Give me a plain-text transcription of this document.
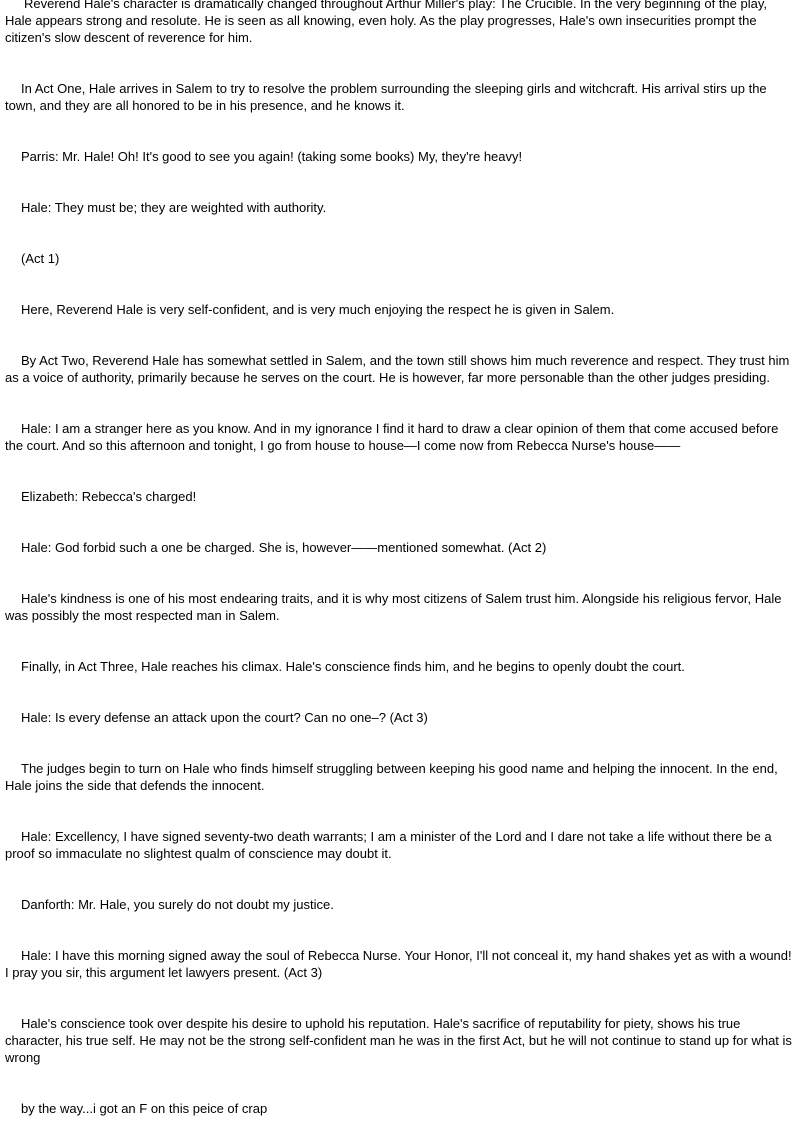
Reverend Hale's character is dramatically changed throughout Arthur Miller's play: The Crucible. In the very beginning of the play, Hale appears strong and resolute. He is seen as all knowing, even holy. As the play progresses, Hale's own insecurities prompt the citizen's slow descent of reverence for him.

In Act One, Hale arrives in Salem to try to resolve the problem surrounding the sleeping girls and witchcraft. His arrival stirs up the town, and they are all honored to be in his presence, and he knows it.

Parris: Mr. Hale! Oh! It's good to see you again! (taking some books) My, they're heavy!

Hale: They must be; they are weighted with authority.

(Act 1)

Here, Reverend Hale is very self-confident, and is very much enjoying the respect he is given in Salem.

By Act Two, Reverend Hale has somewhat settled in Salem, and the town still shows him much reverence and respect. They trust him as a voice of authority, primarily because he serves on the court. He is however, far more personable than the other judges presiding.

Hale: I am a stranger here as you know. And in my ignorance I find it hard to draw a clear opinion of them that come accused before the court. And so this afternoon and tonight, I go from house to house—I come now from Rebecca Nurse's house——

Elizabeth: Rebecca's charged!

Hale: God forbid such a one be charged. She is, however——mentioned somewhat. (Act 2)

Hale's kindness is one of his most endearing traits, and it is why most citizens of Salem trust him. Alongside his religious fervor, Hale was possibly the most respected man in Salem.

Finally, in Act Three, Hale reaches his climax. Hale's conscience finds him, and he begins to openly doubt the court.

Hale: Is every defense an attack upon the court? Can no one–? (Act 3)

The judges begin to turn on Hale who finds himself struggling between keeping his good name and helping the innocent. In the end, Hale joins the side that defends the innocent.

Hale: Excellency, I have signed seventy-two death warrants; I am a minister of the Lord and I dare not take a life without there be a proof so immaculate no slightest qualm of conscience may doubt it.

Danforth: Mr. Hale, you surely do not doubt my justice.

Hale: I have this morning signed away the soul of Rebecca Nurse. Your Honor, I'll not conceal it, my hand shakes yet as with a wound! I pray you sir, this argument let lawyers present. (Act 3)

Hale's conscience took over despite his desire to uphold his reputation. Hale's sacrifice of reputability for piety, shows his true character, his true self. He may not be the strong self-confident man he was in the first Act, but he will not continue to stand up for what is wrong

by the way...i got an F on this peice of crap
